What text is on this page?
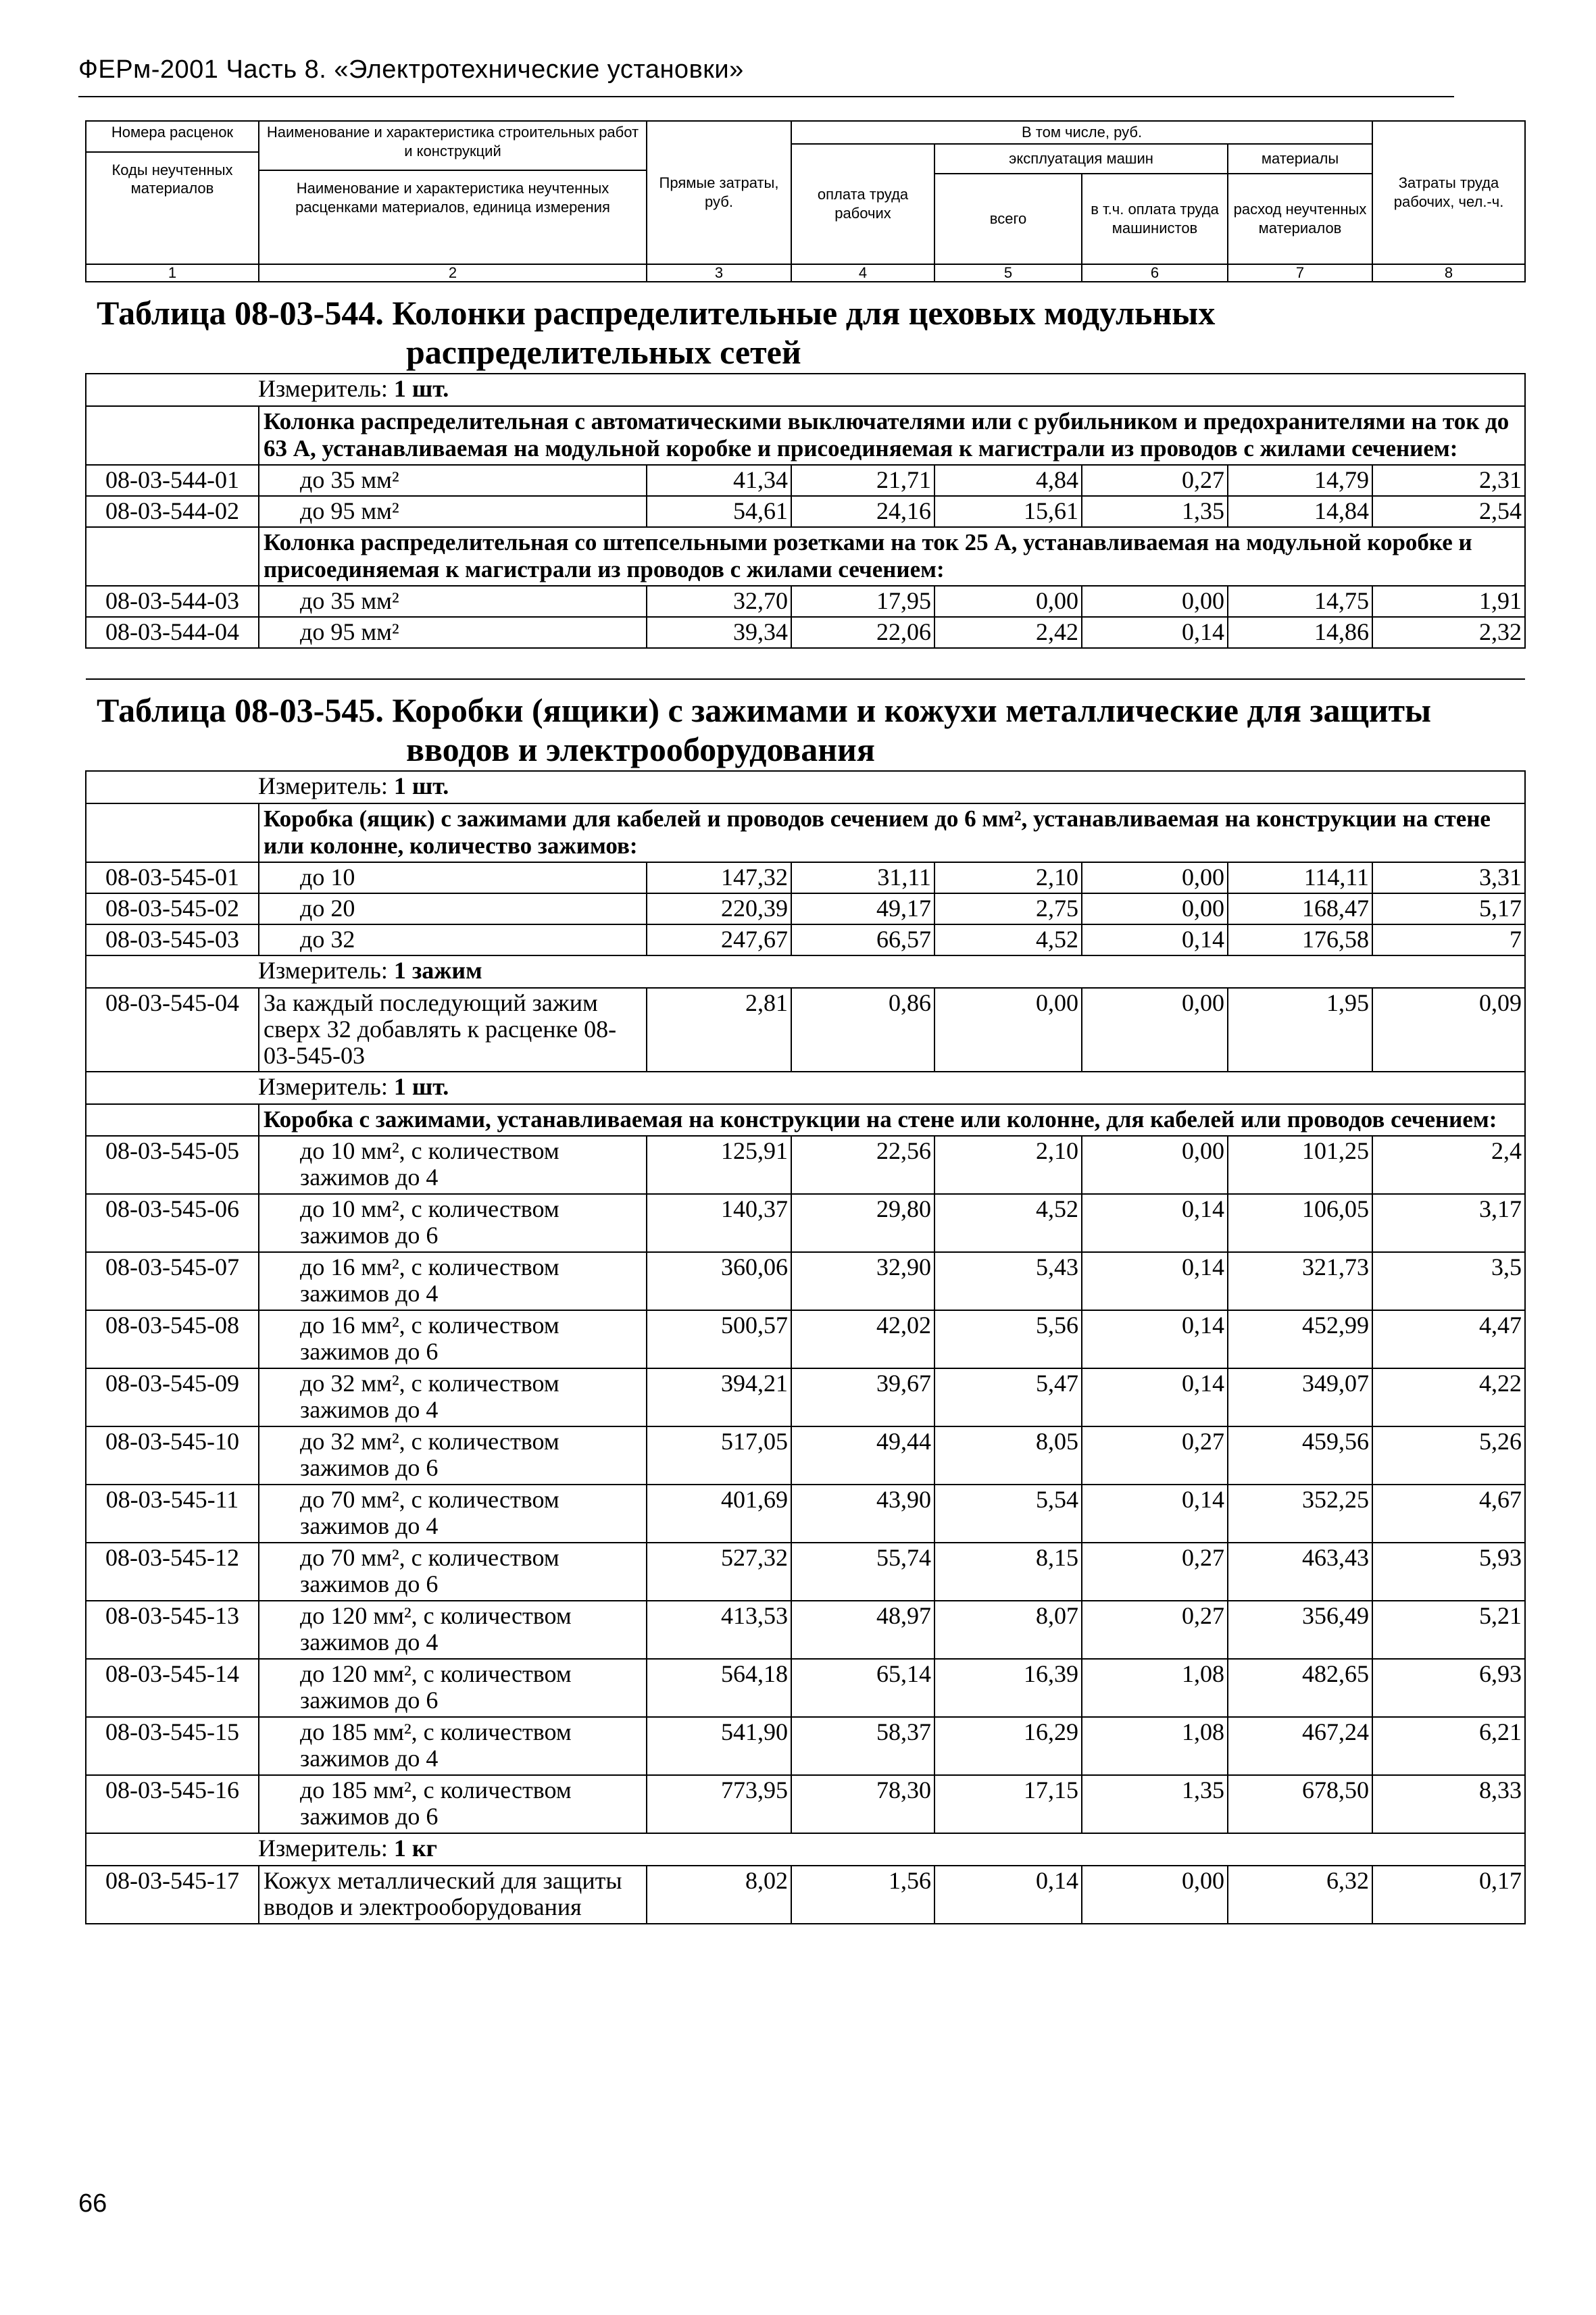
ФЕРм-2001 Часть 8. «Электротехнические установки»
Номера расценок
Коды неучтенных материалов	Наименование и характеристика строительных работ и конструкций
Наименование и характеристика неучтенных расценками материалов, единица измерения	Прямые затраты, руб.	В том числе, руб.				Затраты труда рабочих, чел.-ч.
			оплата труда рабочих	эксплуатация машин		материалы	
				всего	в т.ч. оплата труда машинистов	расход неучтенных материалов	
1	2	3	4	5	6	7	8

Таблица 08-03-544. Колонки распределительные для цеховых модульных распределительных сетей							

Измеритель: 1 шт.							
	Колонка распределительная с автоматическими выключателями или с рубильником и предохранителями на ток до 63 А, устанавливаемая на модульной коробке и присоединяемая к магистрали из проводов с жилами сечением:						
08-03-544-01	до 35 мм²	41,34	21,71	4,84	0,27	14,79	2,31
08-03-544-02	до 95 мм²	54,61	24,16	15,61	1,35	14,84	2,54
	Колонка распределительная со штепсельными розетками на ток 25 А, устанавливаемая на модульной коробке и присоединяемая к магистрали из проводов с жилами сечением:						
08-03-544-03	до 35 мм²	32,70	17,95	0,00	0,00	14,75	1,91
08-03-544-04	до 95 мм²	39,34	22,06	2,42	0,14	14,86	2,32

Таблица 08-03-545. Коробки (ящики) с зажимами и кожухи металлические для защиты вводов и электрооборудования							

Измеритель: 1 шт.							
	Коробка (ящик) с зажимами для кабелей и проводов сечением до 6 мм², устанавливаемая на конструкции на стене или колонне, количество зажимов:						
08-03-545-01	до 10	147,32	31,11	2,10	0,00	114,11	3,31
08-03-545-02	до 20	220,39	49,17	2,75	0,00	168,47	5,17
08-03-545-03	до 32	247,67	66,57	4,52	0,14	176,58	7
Измеритель: 1 зажим							
08-03-545-04	За каждый последующий зажим сверх 32 добавлять к расценке 08-03-545-03	2,81	0,86	0,00	0,00	1,95	0,09
Измеритель: 1 шт.							
	Коробка с зажимами, устанавливаемая на конструкции на стене или колонне, для кабелей или проводов сечением:						
08-03-545-05	до 10 мм², с количеством зажимов до 4	125,91	22,56	2,10	0,00	101,25	2,4
08-03-545-06	до 10 мм², с количеством зажимов до 6	140,37	29,80	4,52	0,14	106,05	3,17
08-03-545-07	до 16 мм², с количеством зажимов до 4	360,06	32,90	5,43	0,14	321,73	3,5
08-03-545-08	до 16 мм², с количеством зажимов до 6	500,57	42,02	5,56	0,14	452,99	4,47
08-03-545-09	до 32 мм², с количеством зажимов до 4	394,21	39,67	5,47	0,14	349,07	4,22
08-03-545-10	до 32 мм², с количеством зажимов до 6	517,05	49,44	8,05	0,27	459,56	5,26
08-03-545-11	до 70 мм², с количеством зажимов до 4	401,69	43,90	5,54	0,14	352,25	4,67
08-03-545-12	до 70 мм², с количеством зажимов до 6	527,32	55,74	8,15	0,27	463,43	5,93
08-03-545-13	до 120 мм², с количеством зажимов до 4	413,53	48,97	8,07	0,27	356,49	5,21
08-03-545-14	до 120 мм², с количеством зажимов до 6	564,18	65,14	16,39	1,08	482,65	6,93
08-03-545-15	до 185 мм², с количеством зажимов до 4	541,90	58,37	16,29	1,08	467,24	6,21
08-03-545-16	до 185 мм², с количеством зажимов до 6	773,95	78,30	17,15	1,35	678,50	8,33
Измеритель: 1 кг							
08-03-545-17	Кожух металлический для защиты вводов и электрооборудования	8,02	1,56	0,14	0,00	6,32	0,17
66
